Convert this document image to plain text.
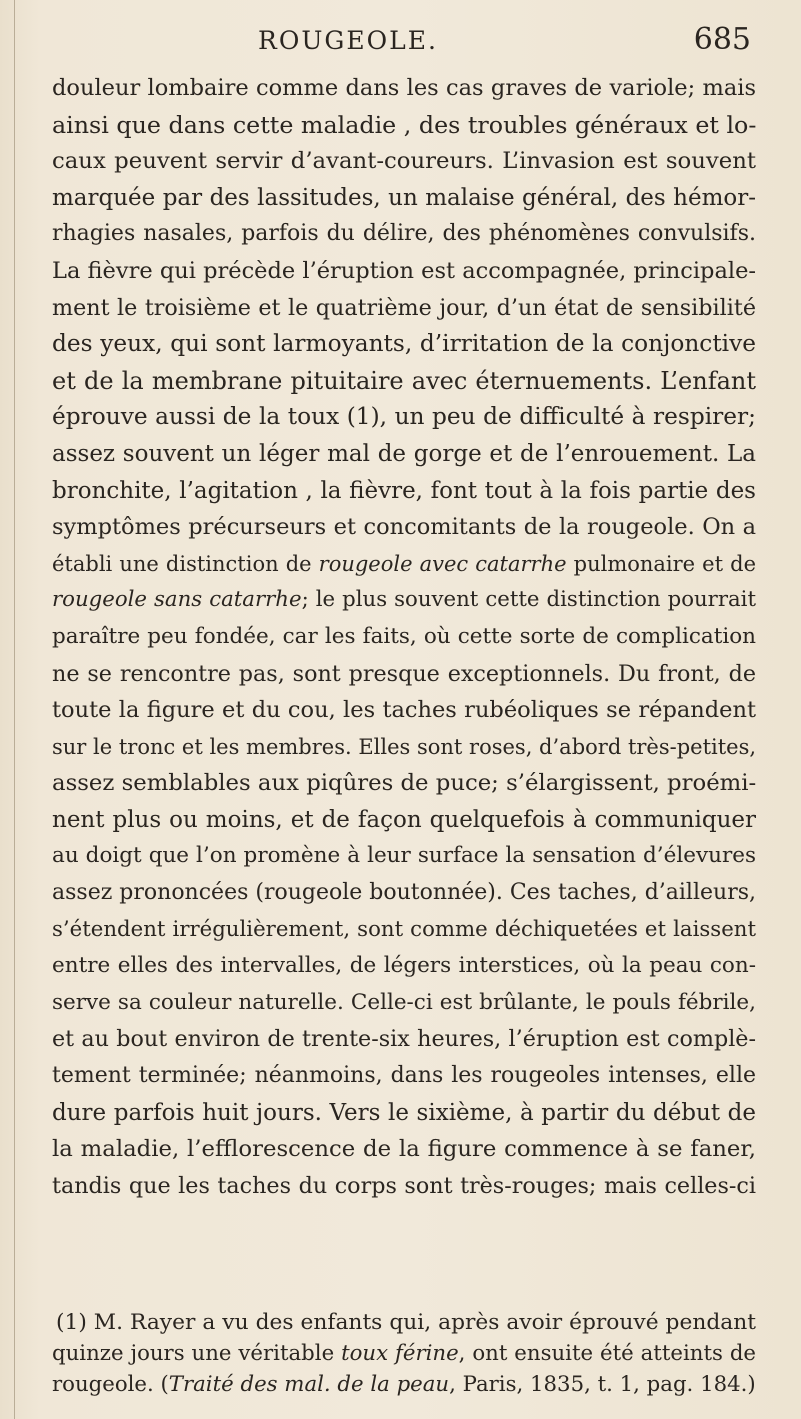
ROUGEOLE.	685
douleur lombaire comme dans les cas graves de variole; mais
ainsi que dans cette maladie , des troubles généraux et lo-
caux peuvent servir d’avant-coureurs. L’invasion est souvent
marquée par des lassitudes, un malaise général, des hémor-
rhagies nasales, parfois du délire, des phénomènes convulsifs.
La fièvre qui précède l’éruption est accompagnée, principale-
ment le troisième et le quatrième jour, d’un état de sensibilité
des yeux, qui sont larmoyants, d’irritation de la conjonctive
et de la membrane pituitaire avec éternuements. L’enfant
éprouve aussi de la toux (1), un peu de difficulté à respirer;
assez souvent un léger mal de gorge et de l’enrouement. La
bronchite, l’agitation , la fièvre, font tout à la fois partie des
symptômes précurseurs et concomitants de la rougeole. On a
établi une distinction de rougeole avec catarrhe pulmonaire et de
rougeole sans catarrhe; le plus souvent cette distinction pourrait
paraître peu fondée, car les faits, où cette sorte de complication
ne se rencontre pas, sont presque exceptionnels. Du front, de
toute la figure et du cou, les taches rubéoliques se répandent
sur le tronc et les membres. Elles sont roses, d’abord très-petites,
assez semblables aux piqûres de puce; s’élargissent, proémi-
nent plus ou moins, et de façon quelquefois à communiquer
au doigt que l’on promène à leur surface la sensation d’élevures
assez prononcées (rougeole boutonnée). Ces taches, d’ailleurs,
s’étendent irrégulièrement, sont comme déchiquetées et laissent
entre elles des intervalles, de légers interstices, où la peau con-
serve sa couleur naturelle. Celle-ci est brûlante, le pouls fébrile,
et au bout environ de trente-six heures, l’éruption est complè-
tement terminée; néanmoins, dans les rougeoles intenses, elle
dure parfois huit jours. Vers le sixième, à partir du début de
la maladie, l’efflorescence de la figure commence à se faner,
tandis que les taches du corps sont très-rouges; mais celles-ci
(1) M. Rayer a vu des enfants qui, après avoir éprouvé pendant
quinze jours une véritable toux férine, ont ensuite été atteints de
rougeole. (Traité des mal. de la peau, Paris, 1835, t. 1, pag. 184.)
